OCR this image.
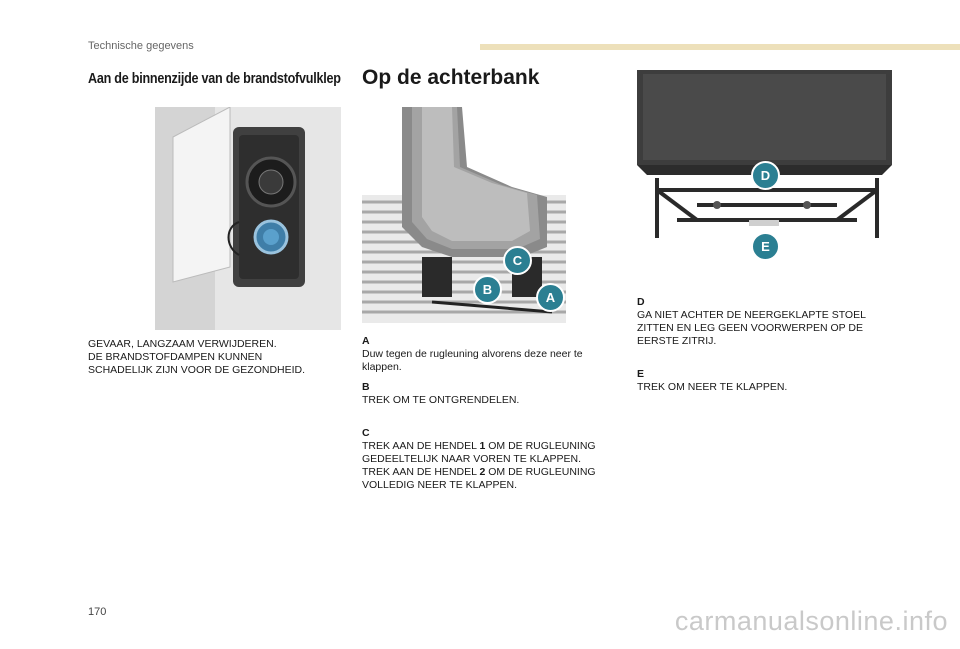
Technische gegevens
Aan de binnenzijde van de brandstofvulklep

GEVAAR, LANGZAAM VERWIJDEREN.

DE BRANDSTOFDAMPEN KUNNEN

SCHADELIJK ZIJN VOOR DE GEZONDHEID.

Op de achterbank
C
B
A

A

Duw tegen de rugleuning alvorens deze neer te

klappen.

B

TREK OM TE ONTGRENDELEN.

C

TREK AAN DE HENDEL 1 OM DE RUGLEUNING

GEDEELTELIJK NAAR VOREN TE KLAPPEN.

TREK AAN DE HENDEL 2 OM DE RUGLEUNING

VOLLEDIG NEER TE KLAPPEN.

D
E

D

GA NIET ACHTER DE NEERGEKLAPTE STOEL

ZITTEN EN LEG GEEN VOORWERPEN OP DE

EERSTE ZITRIJ.

E

TREK OM NEER TE KLAPPEN.

170	carmanualsonline.info
